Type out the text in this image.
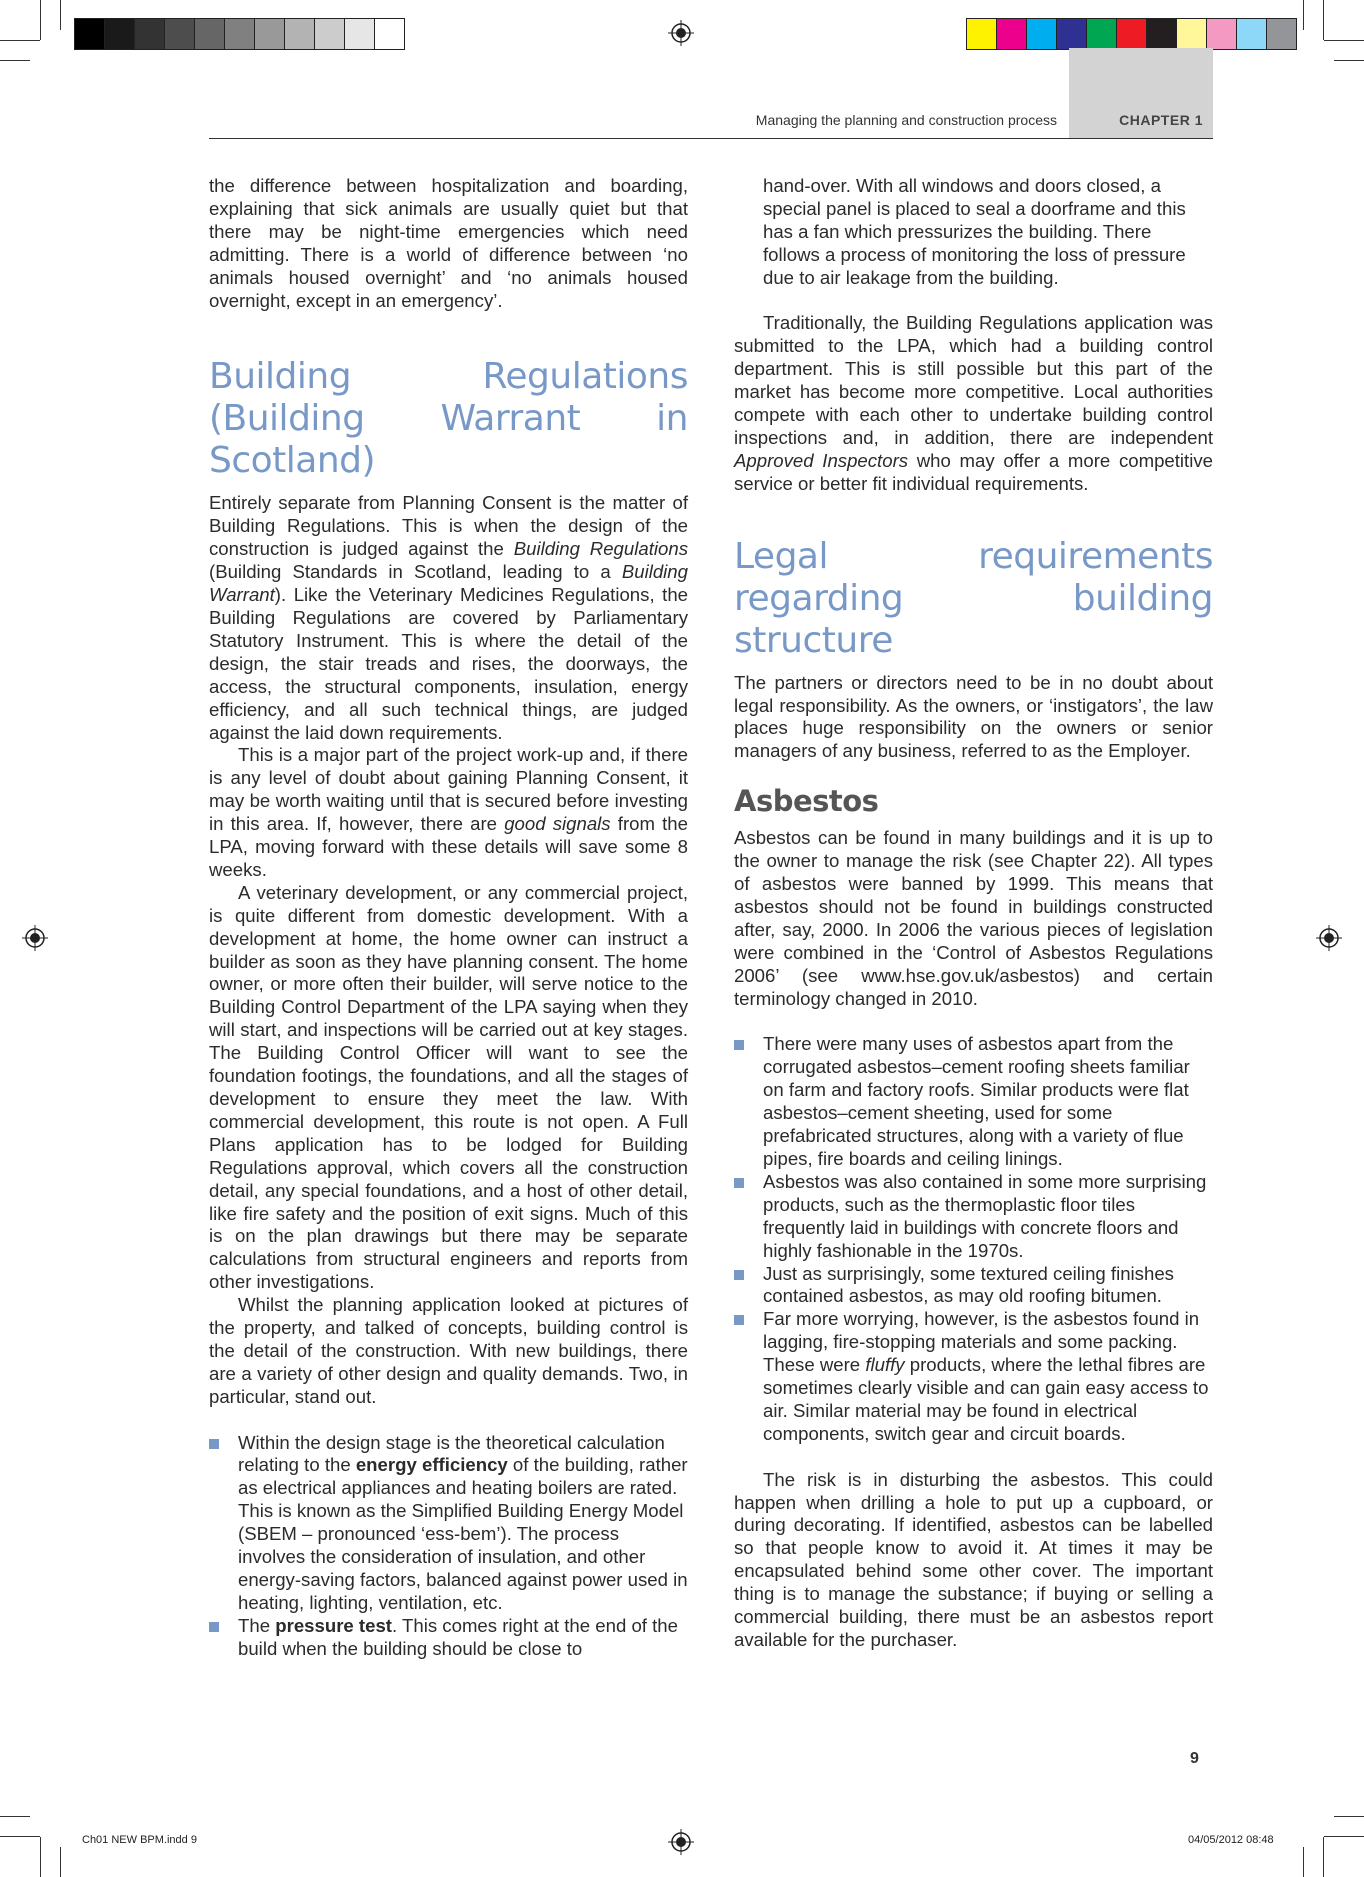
Managing the planning and construction process	CHAPTER 1

the difference between hospitalization and boarding, explaining that sick animals are usually quiet but that there may be night-time emergencies which need admitting. There is a world of difference between ‘no animals housed overnight’ and ‘no animals housed overnight, except in an emergency’.

Building Regulations (Building Warrant in Scotland)

Entirely separate from Planning Consent is the matter of Building Regulations. This is when the design of the construction is judged against the Building Regulations (Building Standards in Scotland, leading to a Building Warrant). Like the Veterinary Medicines Regulations, the Building Regulations are covered by Parliamentary Statutory Instrument. This is where the detail of the design, the stair treads and rises, the doorways, the access, the structural components, insulation, energy efficiency, and all such technical things, are judged against the laid down requirements.

This is a major part of the project work-up and, if there is any level of doubt about gaining Planning Consent, it may be worth waiting until that is secured before investing in this area. If, however, there are good signals from the LPA, moving forward with these details will save some 8 weeks.

A veterinary development, or any commercial project, is quite different from domestic development. With a development at home, the home owner can instruct a builder as soon as they have planning consent. The home owner, or more often their builder, will serve notice to the Building Control Department of the LPA saying when they will start, and inspections will be carried out at key stages. The Building Control Officer will want to see the foundation footings, the foundations, and all the stages of development to ensure they meet the law. With commercial development, this route is not open. A Full Plans application has to be lodged for Building Regulations approval, which covers all the construction detail, any special foundations, and a host of other detail, like fire safety and the position of exit signs. Much of this is on the plan drawings but there may be separate calculations from structural engineers and reports from other investigations.

Whilst the planning application looked at pictures of the property, and talked of concepts, building control is the detail of the construction. With new buildings, there are a variety of other design and quality demands. Two, in particular, stand out.

Within the design stage is the theoretical calculation relating to the energy efficiency of the building, rather as electrical appliances and heating boilers are rated. This is known as the Simplified Building Energy Model (SBEM – pronounced ‘ess-bem’). The process involves the consideration of insulation, and other energy-saving factors, balanced against power used in heating, lighting, ventilation, etc.
The pressure test. This comes right at the end of the build when the building should be close to

hand-over. With all windows and doors closed, a special panel is placed to seal a doorframe and this has a fan which pressurizes the building. There follows a process of monitoring the loss of pressure due to air leakage from the building.

Traditionally, the Building Regulations application was submitted to the LPA, which had a building control department. This is still possible but this part of the market has become more competitive. Local authorities compete with each other to undertake building control inspections and, in addition, there are independent Approved Inspectors who may offer a more competitive service or better fit individual requirements.

Legal requirements regarding building structure

The partners or directors need to be in no doubt about legal responsibility. As the owners, or ‘instigators’, the law places huge responsibility on the owners or senior managers of any business, referred to as the Employer.

Asbestos

Asbestos can be found in many buildings and it is up to the owner to manage the risk (see Chapter 22). All types of asbestos were banned by 1999. This means that asbestos should not be found in buildings constructed after, say, 2000. In 2006 the various pieces of legislation were combined in the ‘Control of Asbestos Regulations 2006’ (see www.hse.gov.uk/asbestos) and certain terminology changed in 2010.

There were many uses of asbestos apart from the corrugated asbestos–cement roofing sheets familiar on farm and factory roofs. Similar products were flat asbestos–cement sheeting, used for some prefabricated structures, along with a variety of flue pipes, fire boards and ceiling linings.
Asbestos was also contained in some more surprising products, such as the thermoplastic floor tiles frequently laid in buildings with concrete floors and highly fashionable in the 1970s.
Just as surprisingly, some textured ceiling finishes contained asbestos, as may old roofing bitumen.
Far more worrying, however, is the asbestos found in lagging, fire-stopping materials and some packing. These were fluffy products, where the lethal fibres are sometimes clearly visible and can gain easy access to air. Similar material may be found in electrical components, switch gear and circuit boards.

The risk is in disturbing the asbestos. This could happen when drilling a hole to put up a cupboard, or during decorating. If identified, asbestos can be labelled so that people know to avoid it. At times it may be encapsulated behind some other cover. The important thing is to manage the substance; if buying or selling a commercial building, there must be an asbestos report available for the purchaser.

9
Ch01 NEW BPM.indd 9	04/05/2012 08:48
